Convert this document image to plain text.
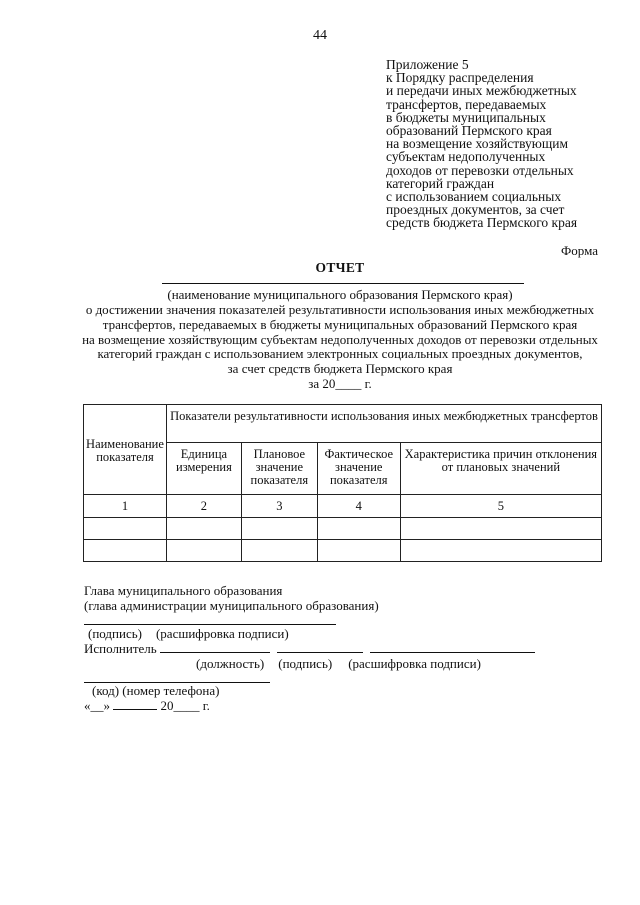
44
Приложение 5
к Порядку распределения
и передачи иных межбюджетных
трансфертов, передаваемых
в бюджеты муниципальных
образований Пермского края
на возмещение хозяйствующим
субъектам недополученных
доходов от перевозки отдельных
категорий граждан
с использованием социальных
проездных документов, за счет
средств бюджета Пермского края
Форма
ОТЧЕТ
(наименование муниципального образования Пермского края)
о достижении значения показателей результативности использования иных межбюджетных
трансфертов, передаваемых в бюджеты муниципальных образований Пермского края
на возмещение хозяйствующим субъектам недополученных доходов от перевозки отдельных
категорий граждан с использованием электронных социальных проездных документов,
за счет средств бюджета Пермского края
за 20____ г.
Наименование показателя	Показатели результативности использования иных межбюджетных трансфертов			
	Единица измерения	Плановое значение показателя	Фактическое значение показателя	Характеристика причин отклонения от плановых значений
1	2	3	4	5

Глава муниципального образования
(глава администрации муниципального образования)
(подпись) (расшифровка подписи)
Исполнитель
(должность) (подпись) (расшифровка подписи)
(код) (номер телефона)
«__»	20____ г.
